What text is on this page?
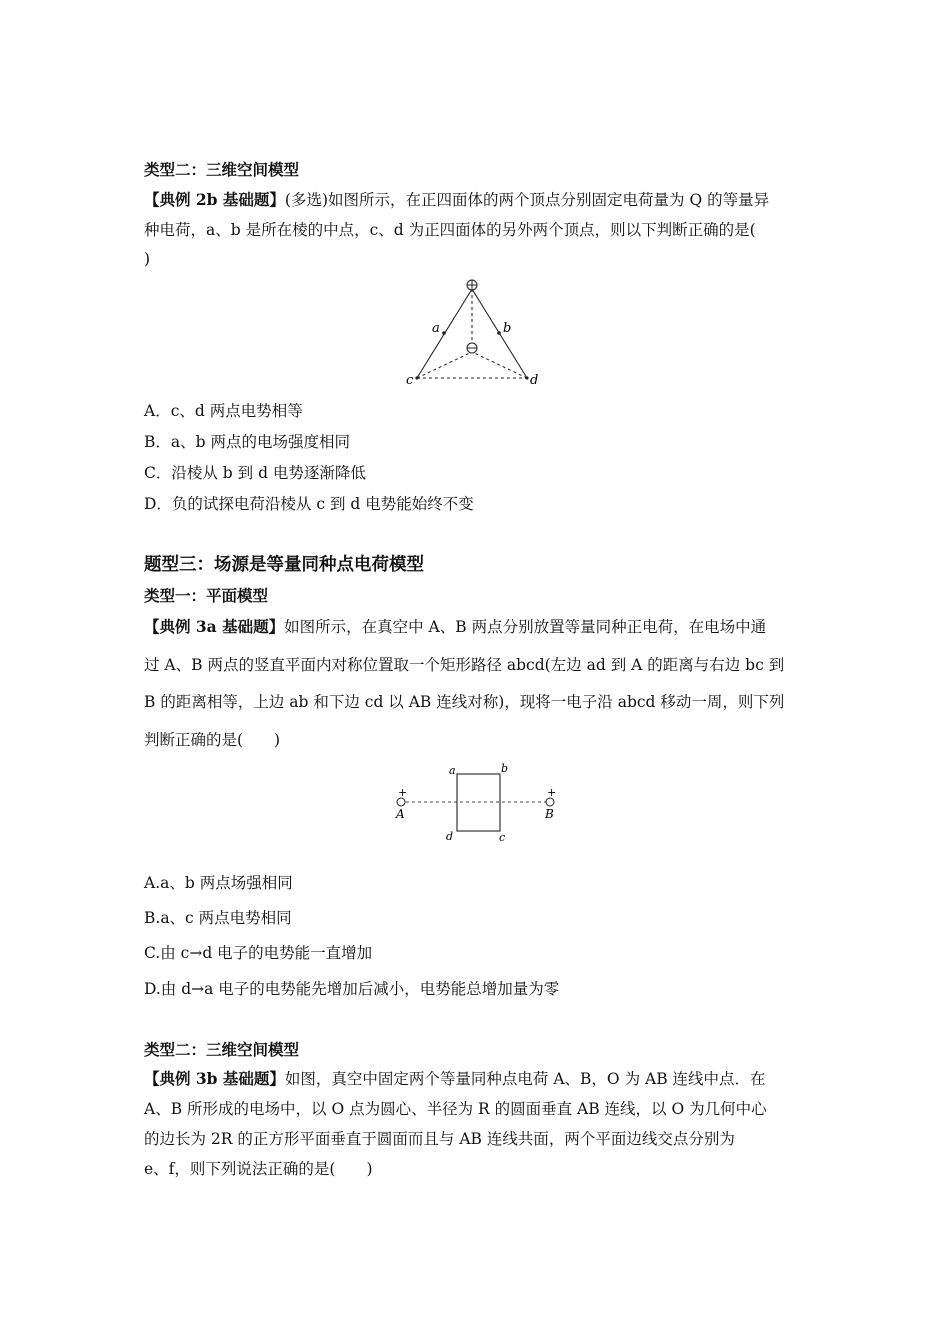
类型二：三维空间模型
【典例 2b 基础题】(多选)如图所示，在正四面体的两个顶点分别固定电荷量为 Q 的等量异
种电荷，a、b 是所在棱的中点，c、d 为正四面体的另外两个顶点，则以下判断正确的是(
)
a	b
c	d
A．c、d 两点电势相等
B．a、b 两点的电场强度相同
C．沿棱从 b 到 d 电势逐渐降低
D．负的试探电荷沿棱从 c 到 d 电势能始终不变
题型三：场源是等量同种点电荷模型
类型一：平面模型
【典例 3a 基础题】如图所示，在真空中 A、B 两点分别放置等量同种正电荷，在电场中通
过 A、B 两点的竖直平面内对称位置取一个矩形路径 abcd(左边 ad 到 A 的距离与右边 bc 到
B 的距离相等，上边 ab 和下边 cd 以 AB 连线对称)，现将一电子沿 abcd 移动一周，则下列
判断正确的是(　　)
+	+
A	B
a	b
c
d
A.a、b 两点场强相同
B.a、c 两点电势相同
C.由 c→d 电子的电势能一直增加
D.由 d→a 电子的电势能先增加后减小，电势能总增加量为零
类型二：三维空间模型
【典例 3b 基础题】如图，真空中固定两个等量同种点电荷 A、B，O 为 AB 连线中点．在
A、B 所形成的电场中，以 O 点为圆心、半径为 R 的圆面垂直 AB 连线，以 O 为几何中心
的边长为 2R 的正方形平面垂直于圆面而且与 AB 连线共面，两个平面边线交点分别为
e、f，则下列说法正确的是(　　)
